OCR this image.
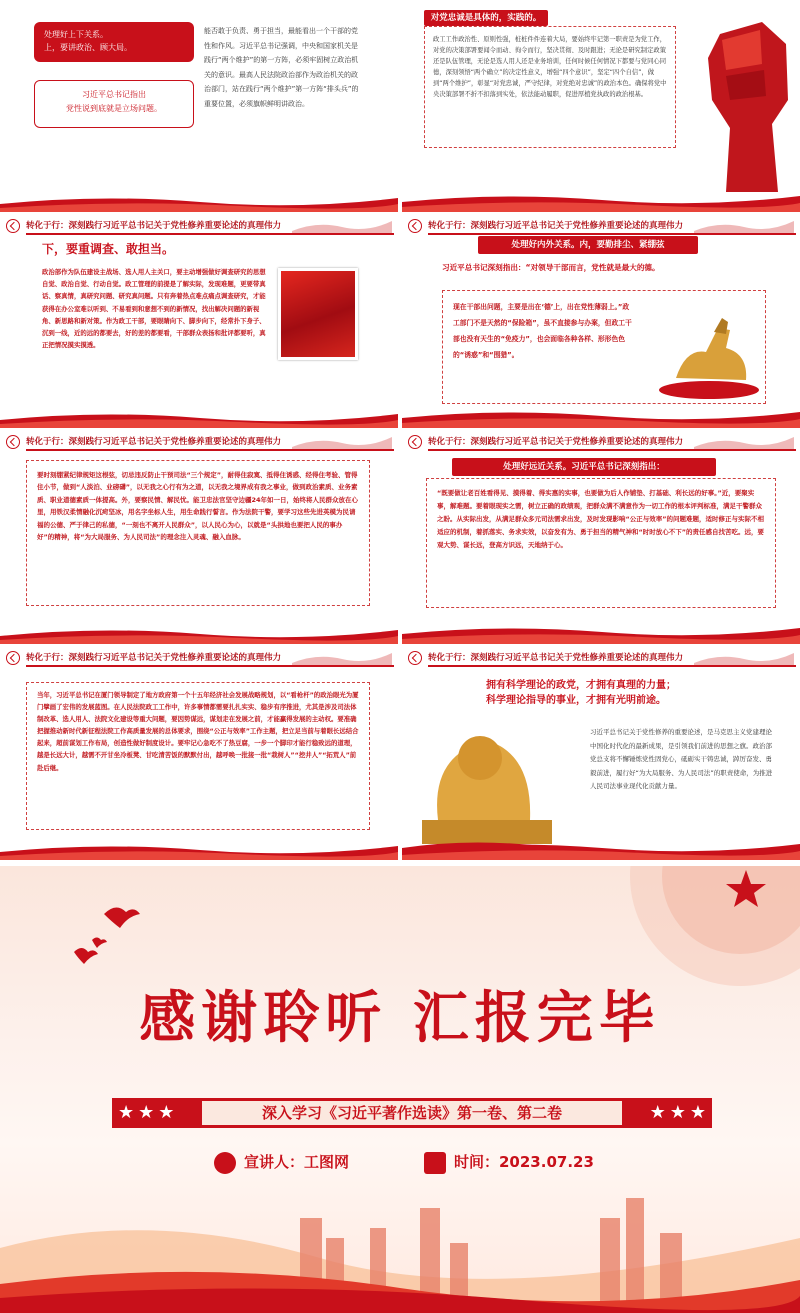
处理好上下关系。
上，要讲政治、顾大局。
习近平总书记指出
党性说到底就是立场问题。
能否敢于负责、勇于担当，最能看出一个干部的党性和作风。习近平总书记强调，中央和国家机关是践行“两个维护”的第一方阵，必须牢固树立政治机关的意识。最高人民法院政治部作为政治机关的政治部门，站在践行“两个维护”第一方阵“排头兵”的重要位置，必须旗帜鲜明讲政治。
对党忠诚是具体的，实践的。
政工工作政治性、原则性强，桩桩件件连着大局，要始终牢记第一职责是为党工作，对党的决策部署要闻令而动、徇令而行，坚决贯彻、及时跟进；无论是研究制定政策还是队伍管理，无论是选人用人还是业务培训，任何时候任何情况下都要与党同心同德，深刻领悟“两个确立”的决定性意义，增强“四个意识”，坚定“四个自信”，做到“两个维护”，彰显“对党忠诚，严守纪律，对党绝对忠诚”的政治本色。确保将党中央决策部署不折不扣落到实处，依法能动履职，促进厚植党执政的政治根基。
转化于行：深刻践行习近平总书记关于党性修养重要论述的真理伟力
下，要重调查、敢担当。
政治部作为队伍建设主战场、选人用人主关口，要主动增强做好调查研究的思想自觉、政治自觉、行动自觉。政工管理的前提是了解实际，发现难题，更要带真话、察真情，真研究问题、研究真问题。只有奔着热点难点痛点调查研究，才能获得在办公室难以听到、不易看到和意想不到的新情况，找出解决问题的新视角、新思路和新对策。作为政工干部，要眼睛向下、脚步向下，经常扑下身子、沉到一线，近的远的都要去，好的差的都要看，干部群众表扬和批评都要听，真正把情况摸实摸透。
转化于行：深刻践行习近平总书记关于党性修养重要论述的真理伟力
处理好内外关系。内，要勤排尘、紧绷弦
习近平总书记深刻指出：“对领导干部而言，党性就是最大的德。
现在干部出问题，主要是出在‘德’上，出在党性薄弱上。”政工部门不是天然的“保险箱”，虽不直接参与办案，但政工干部也没有天生的“免疫力”，也会面临各种各样、形形色色的“诱惑”和“围猎”。
转化于行：深刻践行习近平总书记关于党性修养重要论述的真理伟力
要时刻绷紧纪律规矩这根弦，切忌违反防止干预司法“三个规定”，耐得住寂寞、抵得住诱惑、经得住考验、管得住小节，做到“人淡泊、业磅礴”，以无我之心行有为之道，以无我之境界成有我之事业，做到政治素质、业务素质、职业道德素质一体提高。外，要察民情、解民忧。能卫忠法官坚守边疆24年如一日，始终将人民群众放在心里，用铁汉柔情融化沉疴坚冰，用名字坐标人生，用生命践行誓言。作为法院干警，要学习这些先进英模为民请福的公德、严于律己的私德，“一刻也不离开人民群众”，以人民心为心，以就是“头拱地也要把人民的事办好”的精神，将“为大局服务、为人民司法”的理念注入灵魂、融入血脉。
转化于行：深刻践行习近平总书记关于党性修养重要论述的真理伟力
处理好远近关系。习近平总书记深刻指出：
“既要做让老百姓看得见、摸得着、得实惠的实事，也要做为后人作铺垫、打基础、利长远的好事。”近，要聚实事，解难题。要着眼现实之需，树立正确的政绩观，把群众满不满意作为一切工作的根本评判标准，满足干警群众之盼。从实际出发，从满足群众多元司法需求出发，及时发现影响“公正与效率”的问题难题，适时修正与实际不相适应的机制，着抓落实、务求实效，以奋发有为、勇于担当的精气神和“时时放心不下”的责任感自找苦吃。远，要观大势、谋长远，登高方识远，天地纳于心。
转化于行：深刻践行习近平总书记关于党性修养重要论述的真理伟力
当年，习近平总书记在厦门领导制定了地方政府第一个十五年经济社会发展战略规划，以“看枪杆”的政治眼光为厦门擘画了宏伟的发展蓝图。在人民法院政工工作中，许多事情都需要扎扎实实、稳步有序推进，尤其是涉及司法体制改革、选人用人、法院文化建设等重大问题，要因势谋远，谋划走在发展之前，才能赢得发展的主动权。要准确把握推动新时代新征程法院工作高质量发展的总体要求，围绕“公正与效率”工作主题，把立足当前与着眼长远结合起来，超前谋划工作布局，创造性做好制度设计。要牢记心急吃不了热豆腐，一步一个脚印才能行稳致远的道理，越是长远大计，越需不开甘坐冷板凳、甘吃清苦饭的默默付出，越呼唤一批接一批“栽树人”“挖井人”“拓荒人”前赴后继。
转化于行：深刻践行习近平总书记关于党性修养重要论述的真理伟力
拥有科学理论的政党，才拥有真理的力量；
科学理论指导的事业，才拥有光明前途。
习近平总书记关于党性修养的重要论述，是马克思主义党建理论中国化时代化的最新成果，是引领我们前进的思想之旗。政治部党总支将不懈锤炼党性固党心，砥砺实干铸忠诚，踔厉奋发、勇毅前进，履行好“为大局服务、为人民司法”的职责使命，为推进人民司法事业现代化贡献力量。
感谢聆听 汇报完毕
★★★	深入学习《习近平著作选读》第一卷、第二卷	★★★
宣讲人：工图网	时间：2023.07.23
